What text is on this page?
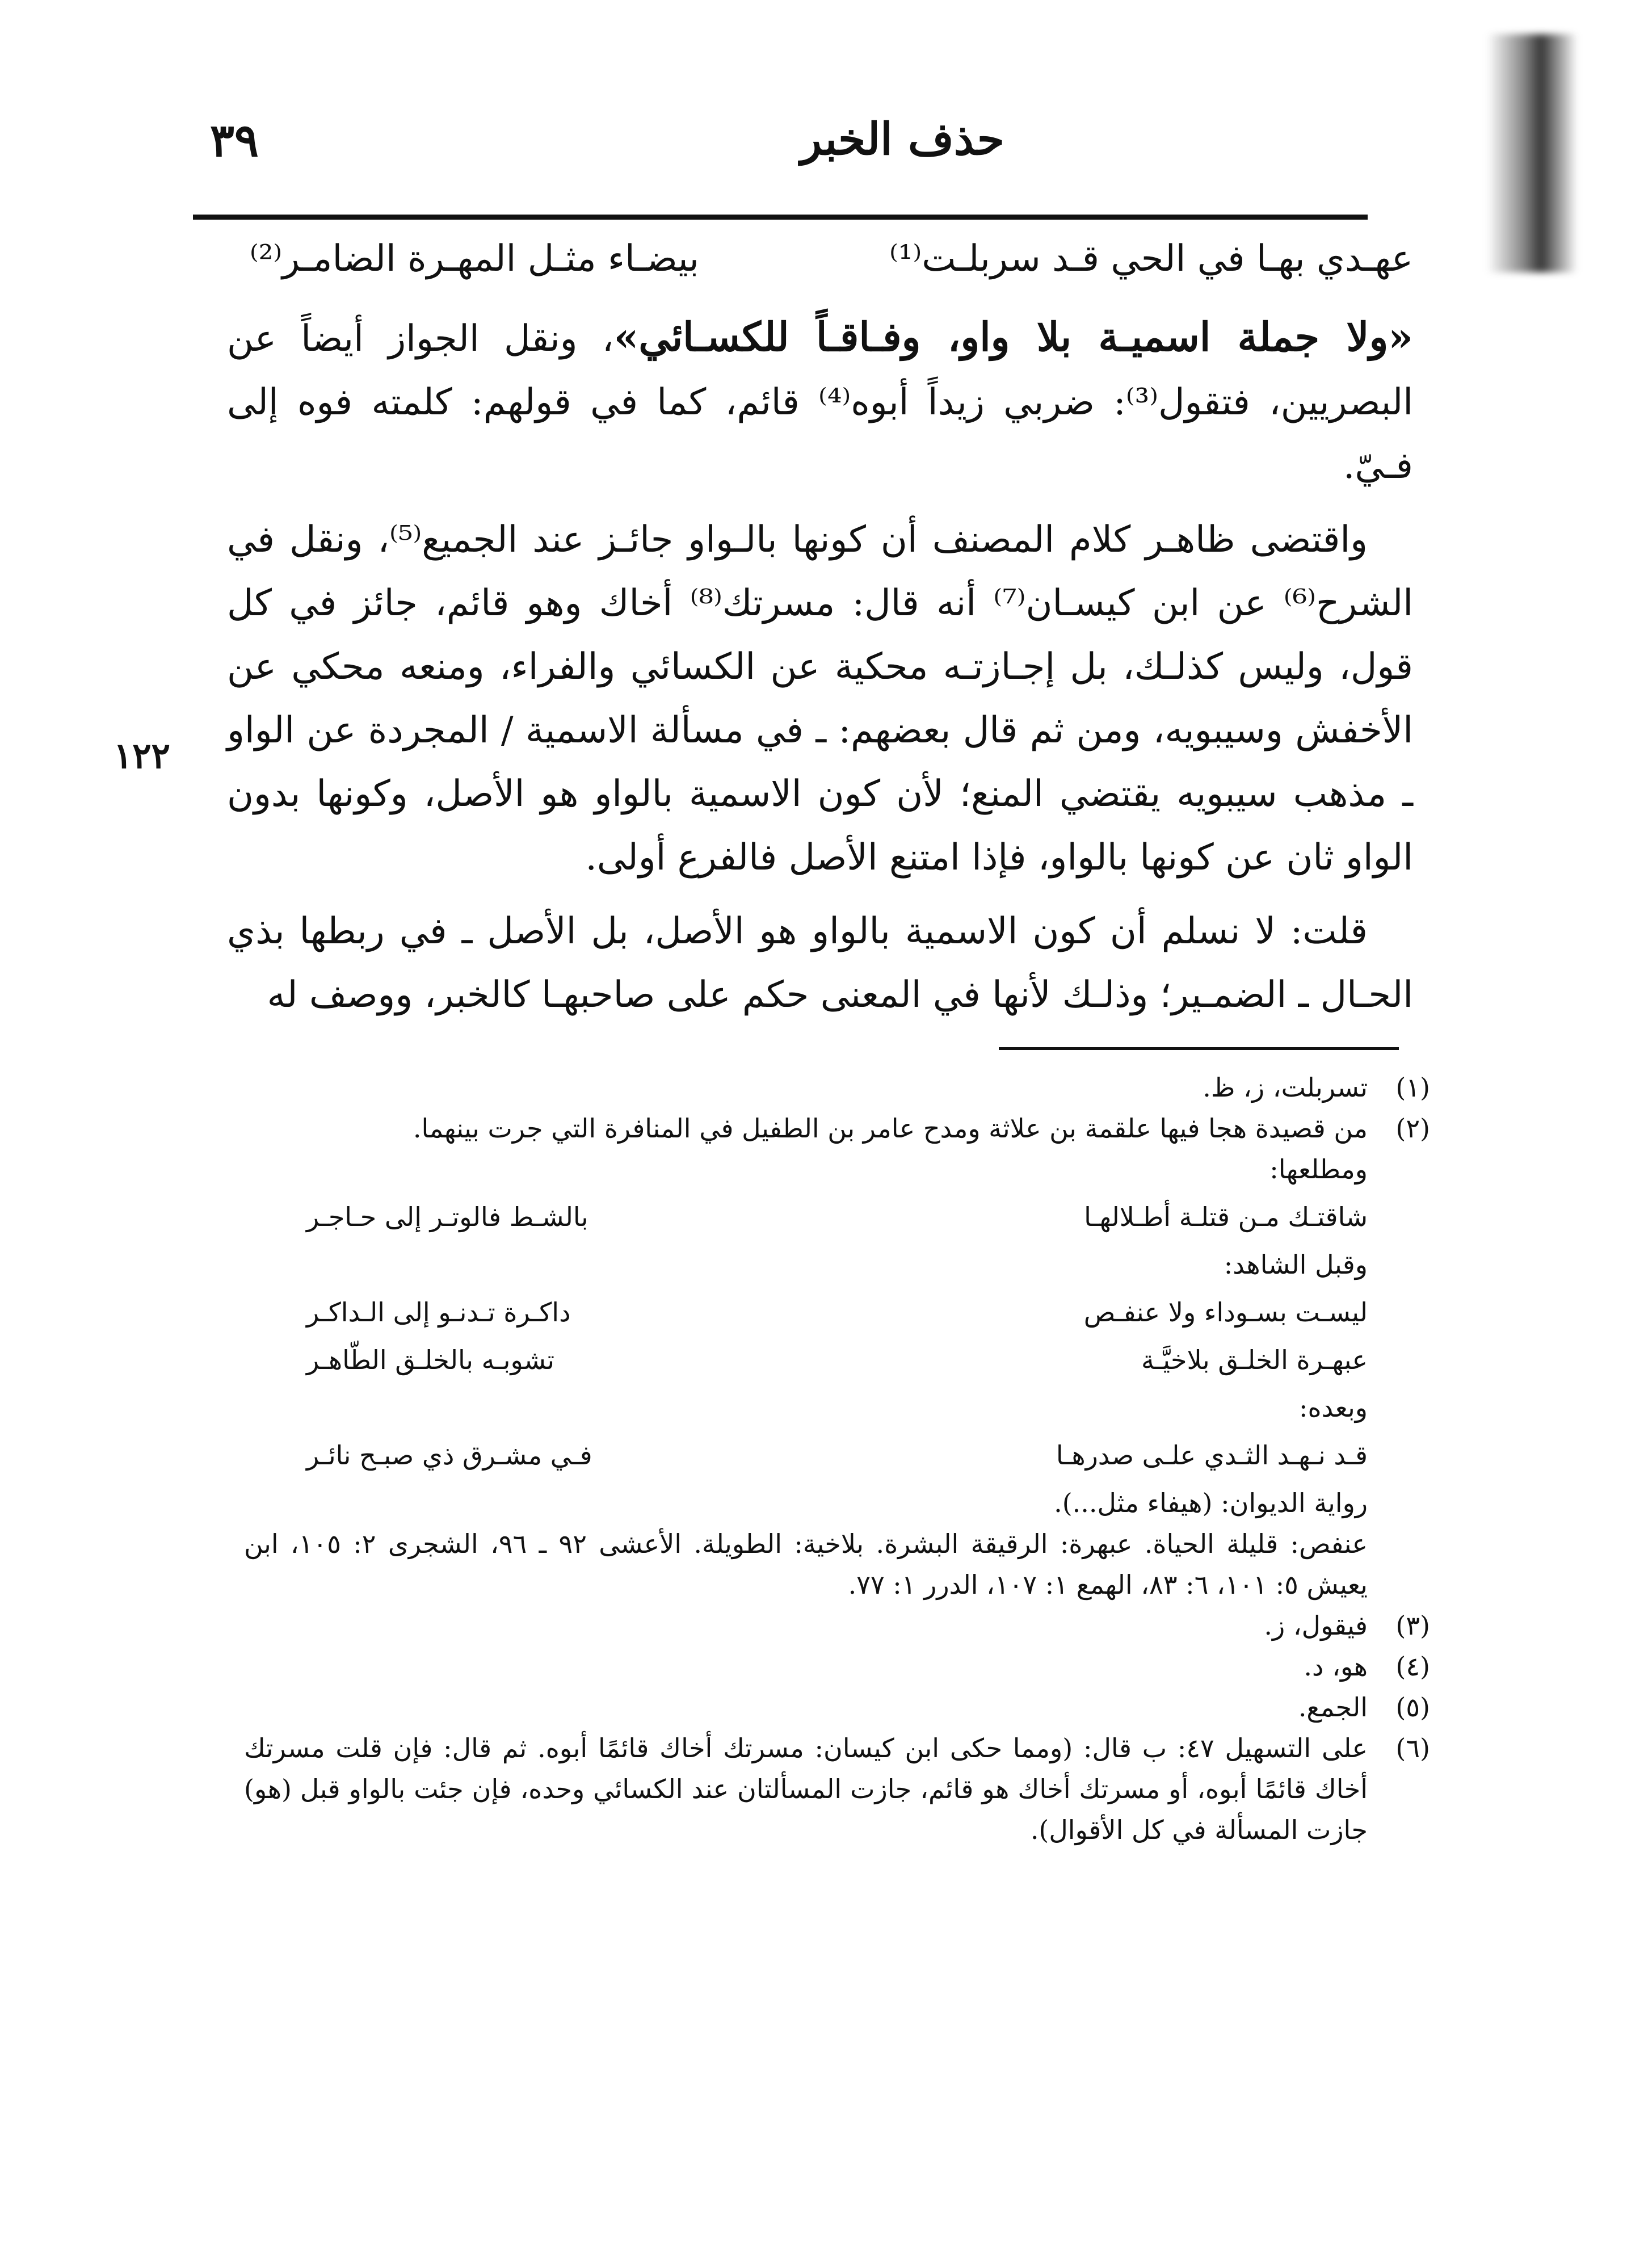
حذف الخبر
٣٩
١٢٢
عهـدي بهـا في الحي قـد سربلـت⁽¹⁾
بيضـاء مثـل المهـرة الضامـر⁽²⁾

«ولا جملة اسميـة بلا واو، وفـاقـاً للكسـائي»، ونقل الجواز أيضاً عن البصريين، فتقول⁽³⁾: ضربي زيداً أبوه⁽⁴⁾ قائم، كما في قولهم: كلمته فوه إلى فـيّ.

واقتضى ظاهـر كلام المصنف أن كونها بالـواو جائـز عند الجميع⁽⁵⁾، ونقل في الشرح⁽⁶⁾ عن ابن كيسـان⁽⁷⁾ أنه قال: مسرتك⁽⁸⁾ أخاك وهو قائم، جائز في كل قول، وليس كذلـك، بل إجـازتـه محكية عن الكسائي والفراء، ومنعه محكي عن الأخفش وسيبويه، ومن ثم قال بعضهم: ـ في مسألة الاسمية / المجردة عن الواو ـ مذهب سيبويه يقتضي المنع؛ لأن كون الاسمية بالواو هو الأصل، وكونها بدون الواو ثان عن كونها بالواو، فإذا امتنع الأصل فالفرع أولى.

قلت: لا نسلم أن كون الاسمية بالواو هو الأصل، بل الأصل ـ في ربطها بذي الحـال ـ الضمـير؛ وذلـك لأنها في المعنى حكم على صاحبهـا كالخبر، ووصف له

(١)
تسربلت، ز، ظ.
(٢)
من قصيدة هجا فيها علقمة بن علاثة ومدح عامر بن الطفيل في المنافرة التي جرت بينهما.

ومطلعها:

شاقتـك مـن قتلـة أطـلالهـا
بالشـط فالوتـر إلى حـاجـر

وقبل الشاهد:

ليسـت بسـوداء ولا عنفـص
داكـرة تـدنـو إلى الـداكـر
عبهـرة الخلـق بلاخيَّـة
تشوبـه بالخلـق الطّاهـر

وبعده:

قـد نـهـد الثـدي علـى صدرهـا
فـي مشـرق ذي صبـح نائـر

رواية الديوان: (هيفاء مثل...).

عنفص: قليلة الحياة. عبهرة: الرقيقة البشرة. بلاخية: الطويلة. الأعشى ٩٢ ـ ٩٦، الشجرى ٢: ١٠٥، ابن يعيش ٥: ١٠١، ٦: ٨٣، الهمع ١: ١٠٧، الدرر ١: ٧٧.

(٣)
فيقول، ز.
(٤)
هو، د.
(٥)
الجمع.
(٦)
على التسهيل ٤٧: ب قال: (ومما حكى ابن كيسان: مسرتك أخاك قائمًا أبوه. ثم قال: فإن قلت مسرتك أخاك قائمًا أبوه، أو مسرتك أخاك هو قائم، جازت المسألتان عند الكسائي وحده، فإن جئت بالواو قبل (هو) جازت المسألة في كل الأقوال).
